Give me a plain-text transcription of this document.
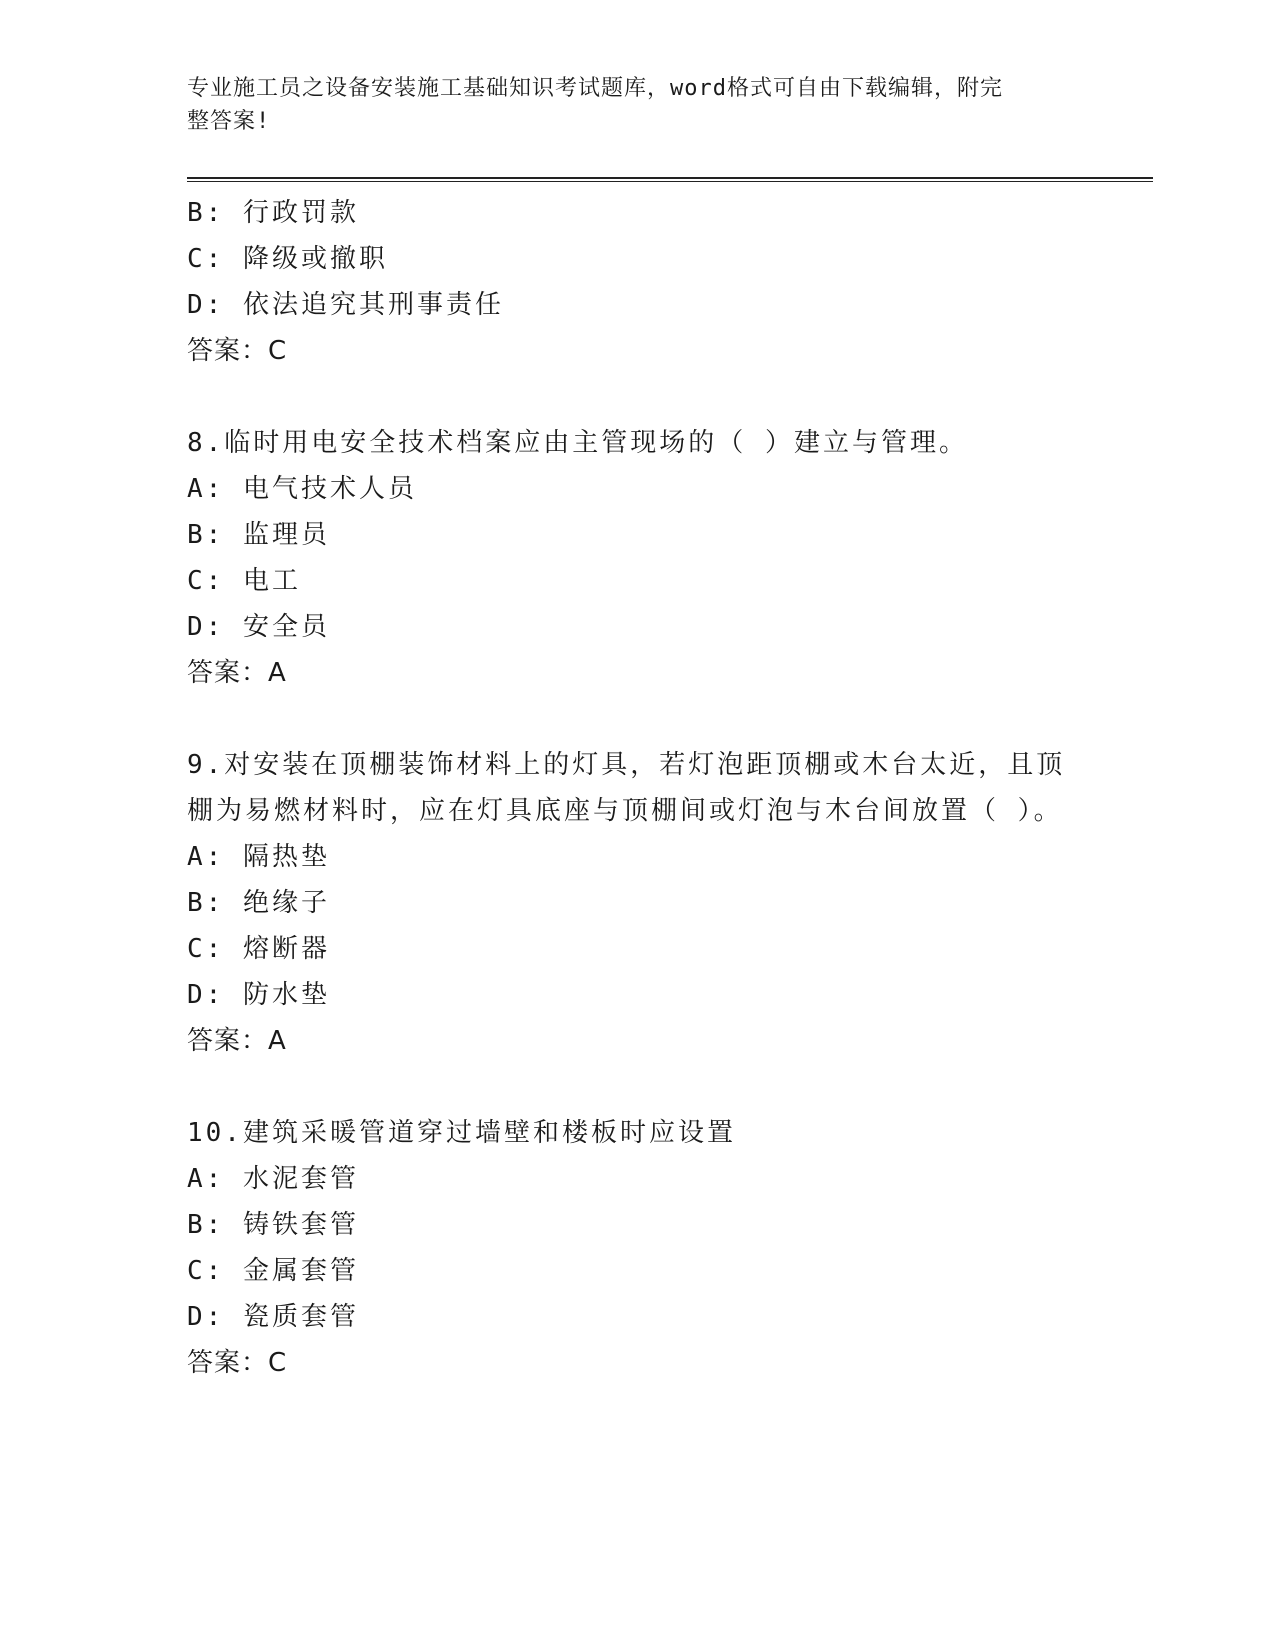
专业施工员之设备安装施工基础知识考试题库，word格式可自由下载编辑，附完
整答案!
B: 行政罚款
C: 降级或撤职
D: 依法追究其刑事责任
答案：C
8.临时用电安全技术档案应由主管现场的（ ）建立与管理。
A: 电气技术人员
B: 监理员
C: 电工
D: 安全员
答案：A
9.对安装在顶棚装饰材料上的灯具，若灯泡距顶棚或木台太近，且顶
棚为易燃材料时，应在灯具底座与顶棚间或灯泡与木台间放置（ ）。
A: 隔热垫
B: 绝缘子
C: 熔断器
D: 防水垫
答案：A
10.建筑采暖管道穿过墙壁和楼板时应设置
A: 水泥套管
B: 铸铁套管
C: 金属套管
D: 瓷质套管
答案：C
